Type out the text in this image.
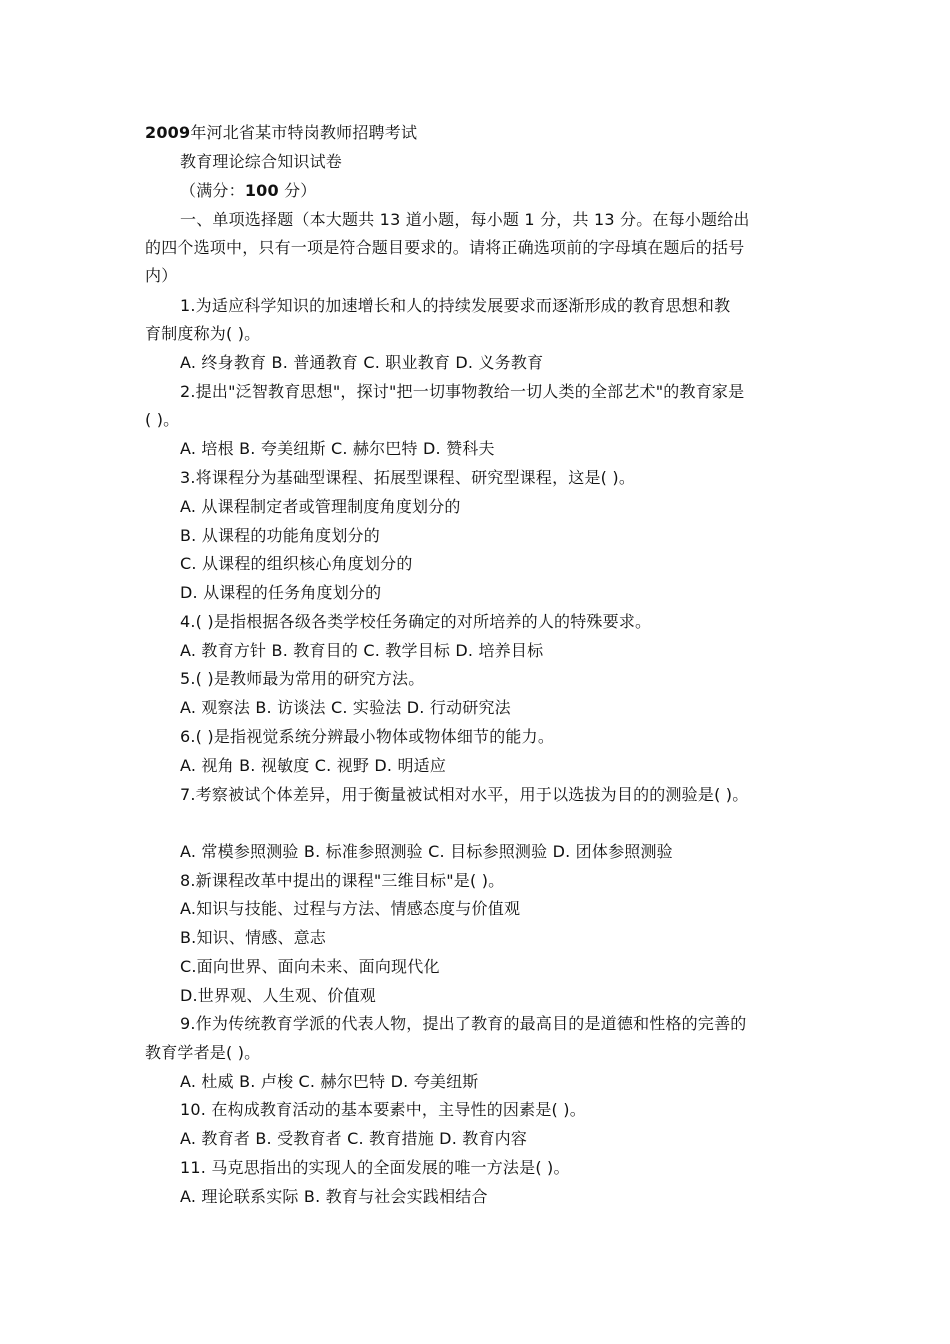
2009年河北省某市特岗教师招聘考试
教育理论综合知识试卷
（满分：100 分）
一、单项选择题（本大题共 13 道小题，每小题 1 分，共 13 分。在每小题给出
的四个选项中，只有一项是符合题目要求的。请将正确选项前的字母填在题后的括号
内）
1.为适应科学知识的加速增长和人的持续发展要求而逐渐形成的教育思想和教
育制度称为( )。
A. 终身教育 B. 普通教育 C. 职业教育 D. 义务教育
2.提出"泛智教育思想"，探讨"把一切事物教给一切人类的全部艺术"的教育家是
( )。
A. 培根 B. 夸美纽斯 C. 赫尔巴特 D. 赞科夫
3.将课程分为基础型课程、拓展型课程、研究型课程，这是( )。
A. 从课程制定者或管理制度角度划分的
B. 从课程的功能角度划分的
C. 从课程的组织核心角度划分的
D. 从课程的任务角度划分的
4.( )是指根据各级各类学校任务确定的对所培养的人的特殊要求。
A. 教育方针 B. 教育目的 C. 教学目标 D. 培养目标
5.( )是教师最为常用的研究方法。
A. 观察法 B. 访谈法 C. 实验法 D. 行动研究法
6.( )是指视觉系统分辨最小物体或物体细节的能力。
A. 视角 B. 视敏度 C. 视野 D. 明适应
7.考察被试个体差异，用于衡量被试相对水平，用于以选拔为目的的测验是( )。
A. 常模参照测验 B. 标准参照测验 C. 目标参照测验 D. 团体参照测验
8.新课程改革中提出的课程"三维目标"是( )。
A.知识与技能、过程与方法、情感态度与价值观
B.知识、情感、意志
C.面向世界、面向未来、面向现代化
D.世界观、人生观、价值观
9.作为传统教育学派的代表人物，提出了教育的最高目的是道德和性格的完善的
教育学者是( )。
A. 杜威 B. 卢梭 C. 赫尔巴特 D. 夸美纽斯
10. 在构成教育活动的基本要素中，主导性的因素是( )。
A. 教育者 B. 受教育者 C. 教育措施 D. 教育内容
11. 马克思指出的实现人的全面发展的唯一方法是( )。
A. 理论联系实际 B. 教育与社会实践相结合
